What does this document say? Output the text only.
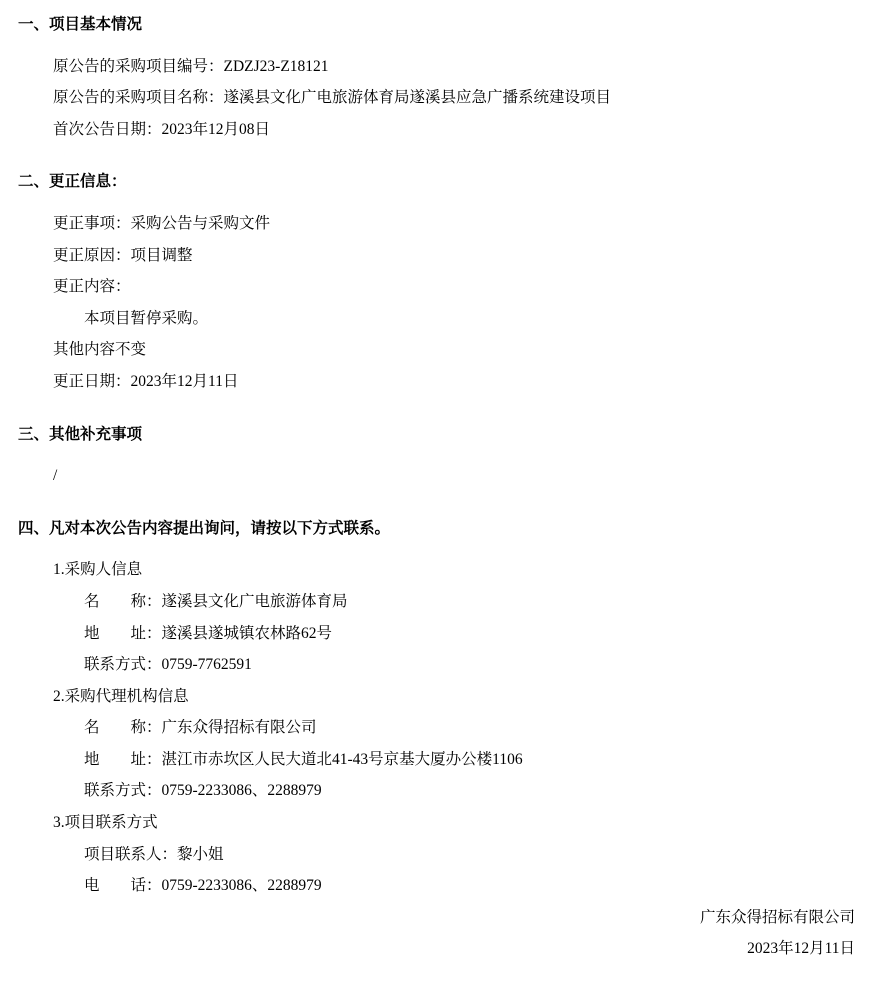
一、项目基本情况
原公告的采购项目编号：ZDZJ23-Z18121
原公告的采购项目名称：遂溪县文化广电旅游体育局遂溪县应急广播系统建设项目
首次公告日期：2023年12月08日
二、更正信息：
更正事项：采购公告与采购文件
更正原因：项目调整
更正内容：
本项目暂停采购。
其他内容不变
更正日期：2023年12月11日
三、其他补充事项
/
四、凡对本次公告内容提出询问，请按以下方式联系。
1.采购人信息
名　　称：遂溪县文化广电旅游体育局
地　　址：遂溪县遂城镇农林路62号
联系方式：0759-7762591
2.采购代理机构信息
名　　称：广东众得招标有限公司
地　　址：湛江市赤坎区人民大道北41-43号京基大厦办公楼1106
联系方式：0759-2233086、2288979
3.项目联系方式
项目联系人：黎小姐
电　　话：0759-2233086、2288979
广东众得招标有限公司
2023年12月11日
